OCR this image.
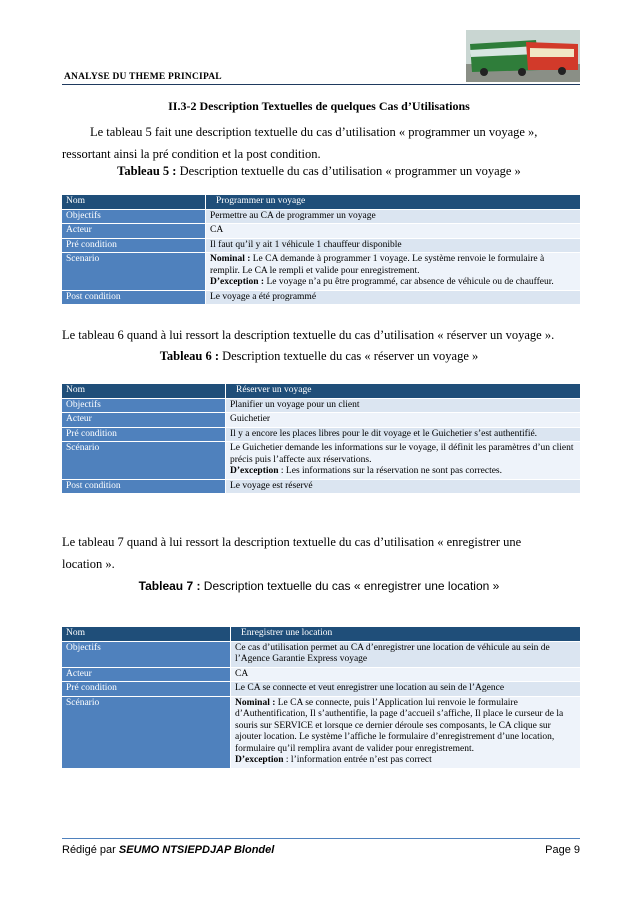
ANALYSE DU THEME PRINCIPAL
II.3-2 Description Textuelles de quelques Cas d’Utilisations
Le tableau 5 fait une description textuelle du cas d’utilisation « programmer un voyage »,
ressortant ainsi la pré condition et la post condition.
Tableau 5 : Description textuelle du cas d’utilisation « programmer un voyage »
Nom	Programmer un voyage
Objectifs	Permettre au CA de programmer un voyage
Acteur	CA
Pré condition	Il faut qu’il y ait 1 véhicule 1 chauffeur disponible
Scenario	Nominal : Le CA demande à programmer 1 voyage. Le système renvoie le formulaire à remplir. Le CA le rempli et valide pour enregistrement.
D’exception : Le voyage n’a pu être programmé, car absence de véhicule ou de chauffeur.
Post condition	Le voyage a été programmé
Le tableau 6 quand à lui ressort la description textuelle du cas d’utilisation « réserver un voyage ».
Tableau 6 : Description textuelle du cas « réserver un voyage »
Nom	Réserver un voyage
Objectifs	Planifier un voyage pour un client
Acteur	Guichetier
Pré condition	Il y a encore les places libres pour le dit voyage et le Guichetier s’est authentifié.
Scénario	Le Guichetier demande les informations sur le voyage, il définit les paramètres d’un client précis puis l’affecte aux réservations.
D’exception : Les informations sur la réservation ne sont pas correctes.
Post condition	Le voyage est réservé
Le tableau 7 quand à lui ressort la description textuelle du cas d’utilisation « enregistrer une
location ».
Tableau 7 : Description textuelle du cas « enregistrer une location »
Nom	Enregistrer une location
Objectifs	Ce cas d’utilisation permet au CA d’enregistrer une location de véhicule au sein de l’Agence Garantie Express voyage
Acteur	CA
Pré condition	Le CA se connecte et veut enregistrer une location au sein de l’Agence
Scénario	Nominal : Le CA se connecte, puis l’Application lui renvoie le formulaire d’Authentification, Il s’authentifie, la page d’accueil s’affiche, Il place le curseur de la souris sur SERVICE et lorsque ce dernier déroule ses composants, le CA clique sur ajouter location. Le système l’affiche le formulaire d’enregistrement d’une location, formulaire qu’il remplira avant de valider pour enregistrement.
D’exception : l’information entrée n’est pas correct
Rédigé par SEUMO NTSIEPDJAP Blondel	Page 9
